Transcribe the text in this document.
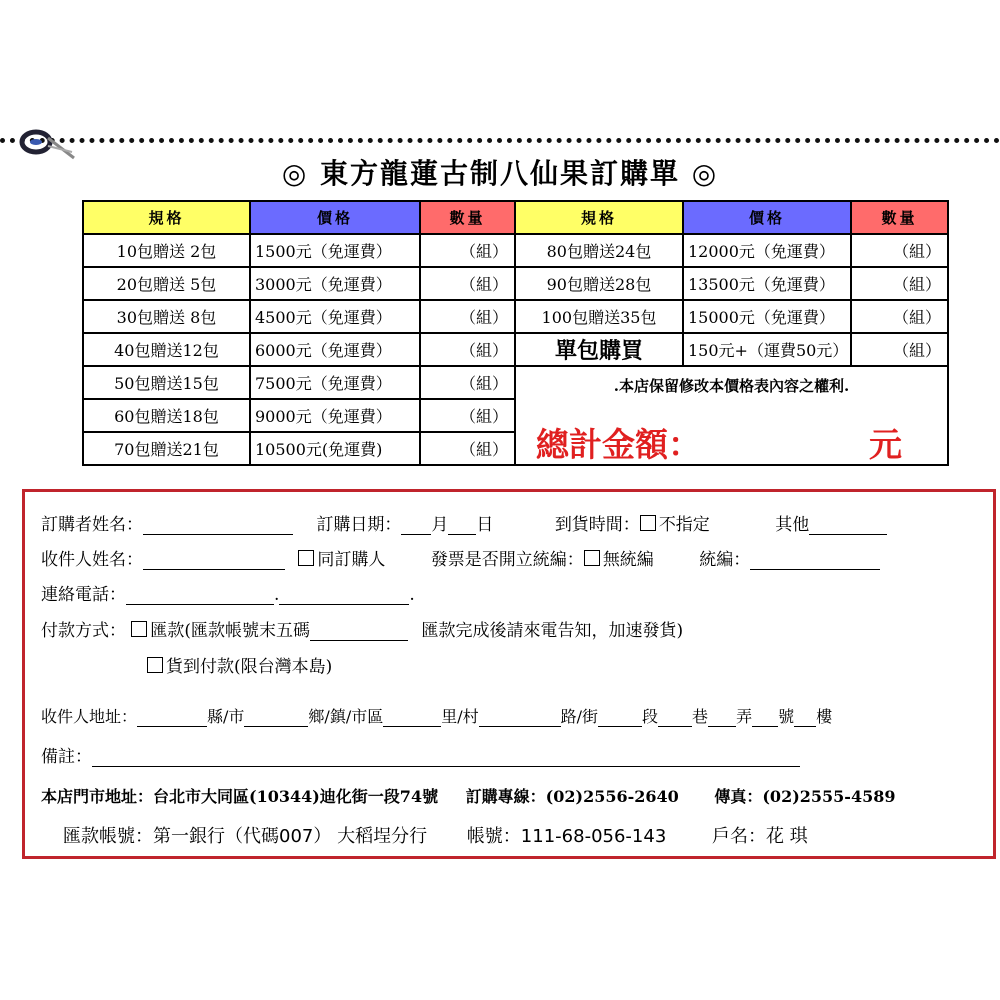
◎ 東方龍蓮古制八仙果訂購單 ◎
規格	價格	數量	規格	價格	數量
10包贈送 2包	1500元（免運費）	（組）	80包贈送24包	12000元（免運費）	（組）
20包贈送 5包	3000元（免運費）	（組）	90包贈送28包	13500元（免運費）	（組）
30包贈送 8包	4500元（免運費）	（組）	100包贈送35包	15000元（免運費）	（組）
40包贈送12包	6000元（免運費）	（組）	單包購買	150元+（運費50元）	（組）
50包贈送15包	7500元（免運費）	（組）	.本店保留修改本價格表內容之權利.
總計金額： 元		

60包贈送18包	9000元（免運費）	（組）			
70包贈送21包	10500元(免運費)	（組）			
訂購者姓名：	訂購日期： 月 日	到貨時間： 不指定	其他
收件人姓名：	同訂購人	發票是否開立統編： 無統編	統編：
連絡電話：	.	.
付款方式： 匯款(匯款帳號末五碼	匯款完成後請來電告知，加速發貨)
貨到付款(限台灣本島)
收件人地址：	縣/市	鄉/鎮/市區	里/村	路/街	段 巷 弄 號 樓
備註：
本店門市地址：台北市大同區(10344)迪化街一段74號 訂購專線：(02)2556-2640 傳真：(02)2555-4589
匯款帳號：第一銀行（代碼007） 大稻埕分行 帳號：111-68-056-143	戶名：花 琪
